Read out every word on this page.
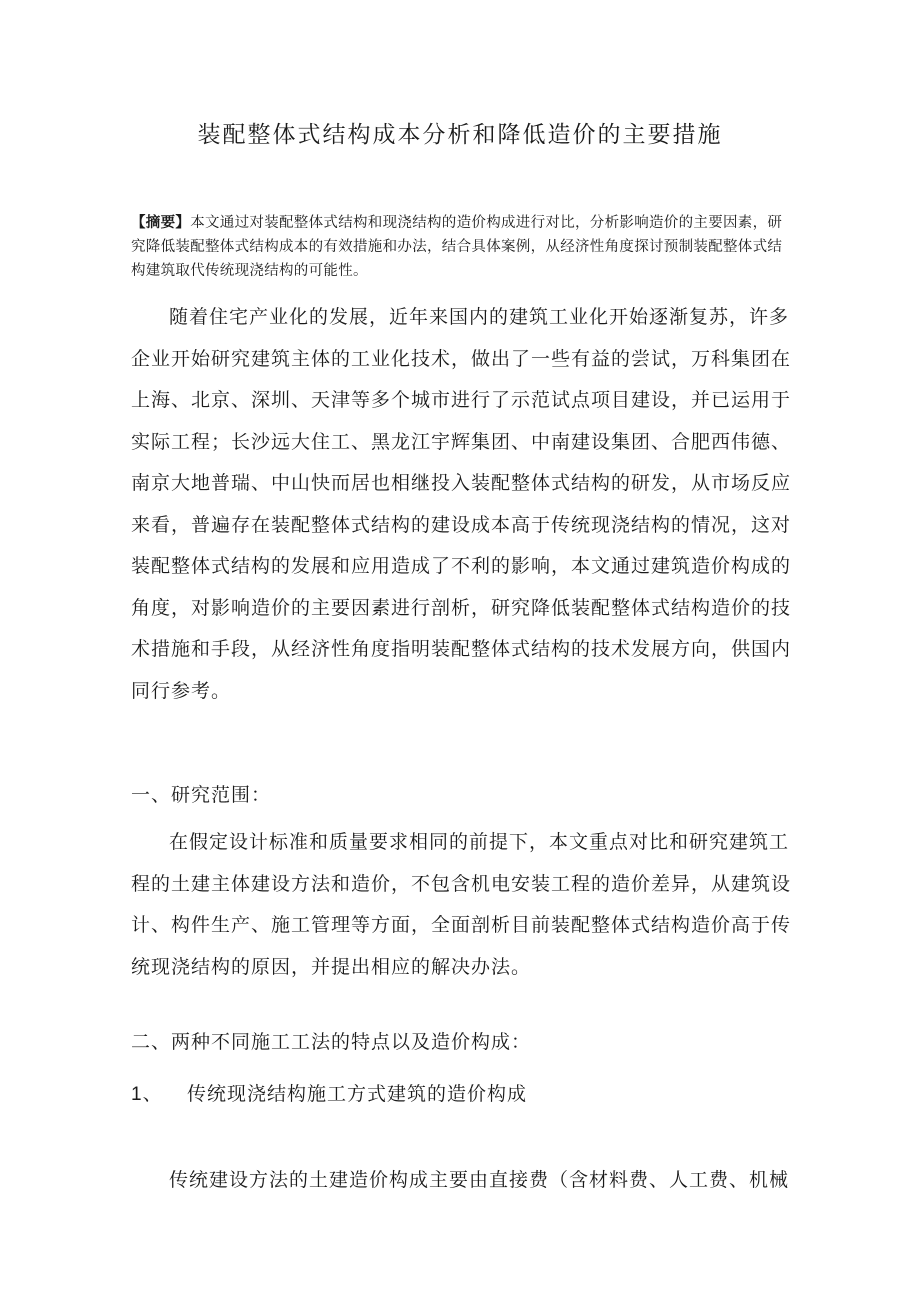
装配整体式结构成本分析和降低造价的主要措施
【摘要】本文通过对装配整体式结构和现浇结构的造价构成进行对比，分析影响造价的主要因素，研究降低装配整体式结构成本的有效措施和办法，结合具体案例，从经济性角度探讨预制装配整体式结构建筑取代传统现浇结构的可能性。

随着住宅产业化的发展，近年来国内的建筑工业化开始逐渐复苏，许多企业开始研究建筑主体的工业化技术，做出了一些有益的尝试，万科集团在上海、北京、深圳、天津等多个城市进行了示范试点项目建设，并已运用于实际工程；长沙远大住工、黑龙江宇辉集团、中南建设集团、合肥西伟德、南京大地普瑞、中山快而居也相继投入装配整体式结构的研发，从市场反应来看，普遍存在装配整体式结构的建设成本高于传统现浇结构的情况，这对装配整体式结构的发展和应用造成了不利的影响，本文通过建筑造价构成的角度，对影响造价的主要因素进行剖析，研究降低装配整体式结构造价的技术措施和手段，从经济性角度指明装配整体式结构的技术发展方向，供国内同行参考。

一、研究范围：

在假定设计标准和质量要求相同的前提下，本文重点对比和研究建筑工程的土建主体建设方法和造价，不包含机电安装工程的造价差异，从建筑设计、构件生产、施工管理等方面，全面剖析目前装配整体式结构造价高于传统现浇结构的原因，并提出相应的解决办法。

二、两种不同施工工法的特点以及造价构成：

1、 传统现浇结构施工方式建筑的造价构成

传统建设方法的土建造价构成主要由直接费（含材料费、人工费、机械
